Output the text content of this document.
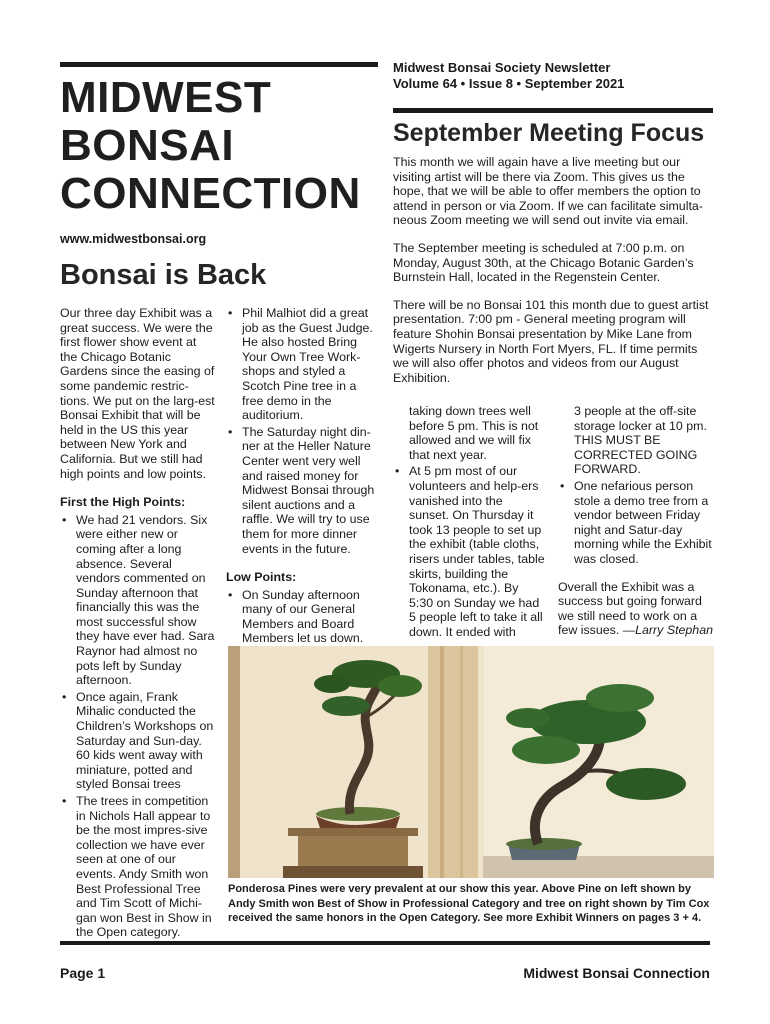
MIDWEST
BONSAI
CONNECTION
www.midwestbonsai.org
Midwest Bonsai Society Newsletter
Volume 64 • Issue 8 • September 2021
September Meeting Focus

This month we will again have a live meeting but our visiting artist will be there via Zoom. This gives us the hope, that we will be able to offer members the option to attend in person or via Zoom. If we can facilitate simulta-neous Zoom meeting we will send out invite via email.

The September meeting is scheduled at 7:00 p.m. on Monday, August 30th, at the Chicago Botanic Garden’s Burnstein Hall, located in the Regenstein Center.

There will be no Bonsai 101 this month due to guest artist presentation. 7:00 pm - General meeting program will feature Shohin Bonsai presentation by Mike Lane from Wigerts Nursery in North Fort Myers, FL. If time permits we will also offer photos and videos from our August Exhibition.

Bonsai is Back

Our three day Exhibit was a great success. We were the first flower show event at the Chicago Botanic Gardens since the easing of some pandemic restric-tions. We put on the larg-est Bonsai Exhibit that will be held in the US this year between New York and California. But we still had high points and low points.

First the High Points:
• We had 21 vendors. Six were either new or coming after a long absence. Several vendors commented on Sunday afternoon that financially this was the most successful show they have ever had. Sara Raynor had almost no pots left by Sunday afternoon.
• Once again, Frank Mihalic conducted the Children’s Workshops on Saturday and Sun-day. 60 kids went away with miniature, potted and styled Bonsai trees
• The trees in competition in Nichols Hall appear to be the most impres-sive collection we have ever seen at one of our events. Andy Smith won Best Professional Tree and Tim Scott of Michi-gan won Best in Show in the Open category.
• Phil Malhiot did a great job as the Guest Judge. He also hosted Bring Your Own Tree Work-shops and styled a Scotch Pine tree in a free demo in the auditorium.
• The Saturday night din-ner at the Heller Nature Center went very well and raised money for Midwest Bonsai through silent auctions and a raffle. We will try to use them for more dinner events in the future.
Low Points:
• On Sunday afternoon many of our General Members and Board Members let us down.

taking down trees well before 5 pm. This is not allowed and we will fix that next year.

• At 5 pm most of our volunteers and help-ers vanished into the sunset. On Thursday it took 13 people to set up the exhibit (table cloths, risers under tables, table skirts, building the Tokonama, etc.). By 5:30 on Sunday we had 5 people left to take it all down. It ended with

3 people at the off-site storage locker at 10 pm. THIS MUST BE CORRECTED GOING FORWARD.

• One nefarious person stole a demo tree from a vendor between Friday night and Satur-day morning while the Exhibit was closed.

Overall the Exhibit was a success but going forward we still need to work on a few issues. —Larry Stephan

Ponderosa Pines were very prevalent at our show this year. Above Pine on left shown by Andy Smith won Best of Show in Professional Category and tree on right shown by Tim Cox received the same honors in the Open Category. See more Exhibit Winners on pages 3 + 4.
Page 1	Midwest Bonsai Connection
